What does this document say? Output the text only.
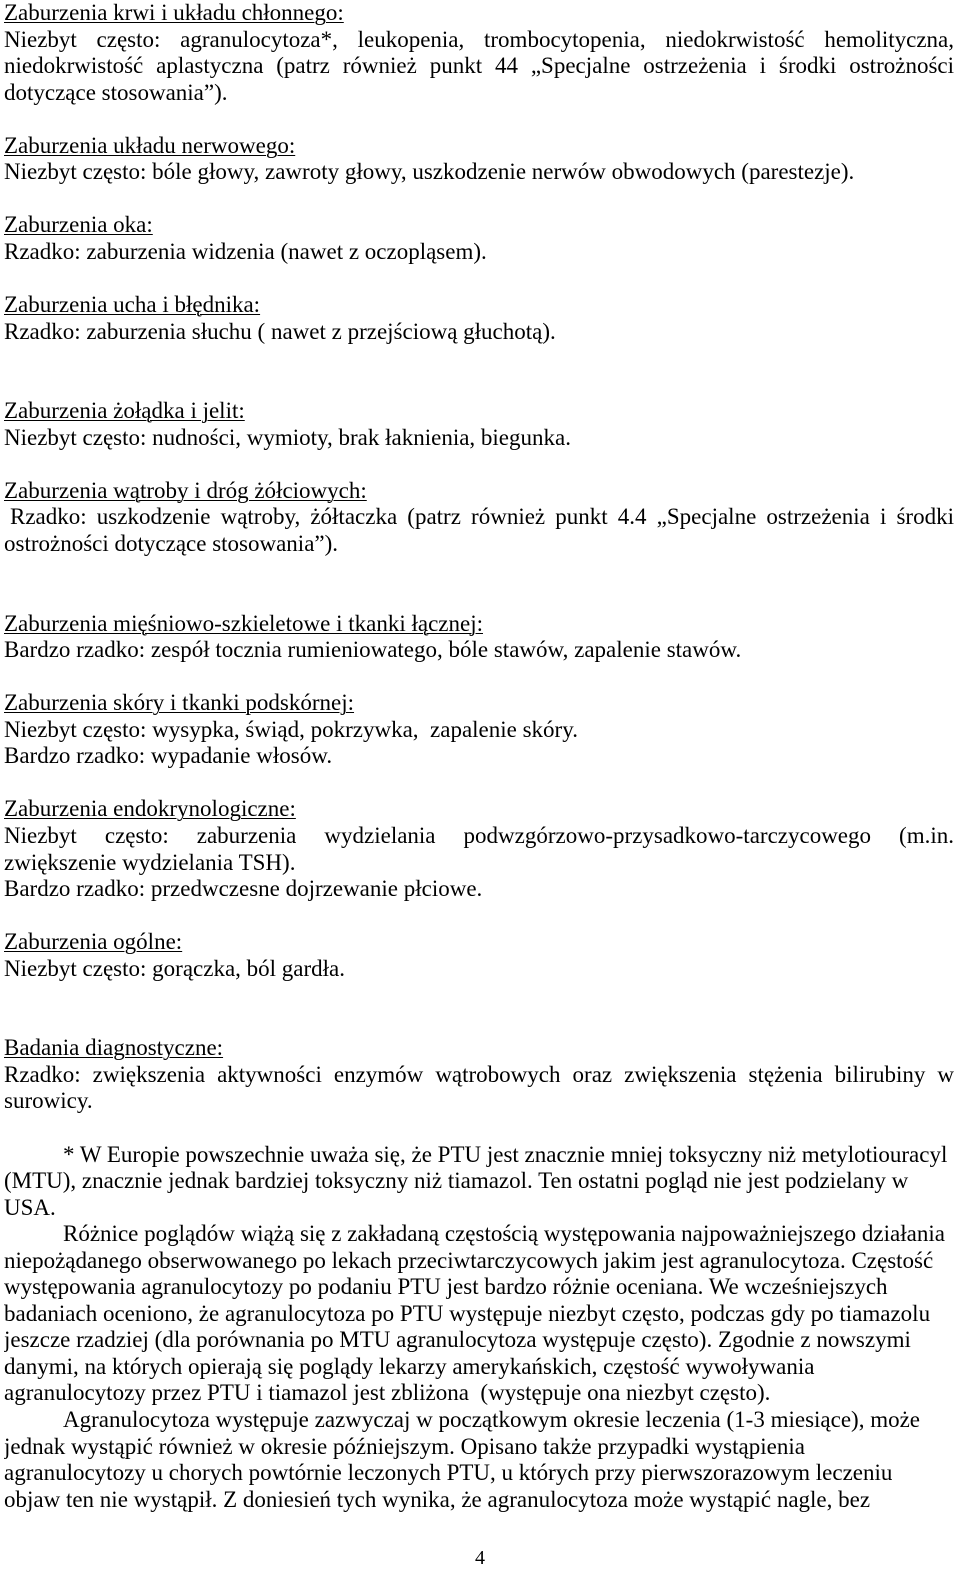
Zaburzenia krwi i układu chłonnego:
Niezbyt często: agranulocytoza*, leukopenia, trombocytopenia, niedokrwistość hemolityczna,
niedokrwistość aplastyczna (patrz również punkt 44 „Specjalne ostrzeżenia i środki ostrożności
dotyczące stosowania”).
Zaburzenia układu nerwowego:
Niezbyt często: bóle głowy, zawroty głowy, uszkodzenie nerwów obwodowych (parestezje).
Zaburzenia oka:
Rzadko: zaburzenia widzenia (nawet z oczopląsem).
Zaburzenia ucha i błędnika:
Rzadko: zaburzenia słuchu ( nawet z przejściową głuchotą).
Zaburzenia żołądka i jelit:
Niezbyt często: nudności, wymioty, brak łaknienia, biegunka.
Zaburzenia wątroby i dróg żółciowych:
Rzadko: uszkodzenie wątroby, żółtaczka (patrz również punkt 4.4 „Specjalne ostrzeżenia i środki
ostrożności dotyczące stosowania”).
Zaburzenia mięśniowo-szkieletowe i tkanki łącznej:
Bardzo rzadko: zespół tocznia rumieniowatego, bóle stawów, zapalenie stawów.
Zaburzenia skóry i tkanki podskórnej:
Niezbyt często: wysypka, świąd, pokrzywka,  zapalenie skóry.
Bardzo rzadko: wypadanie włosów.
Zaburzenia endokrynologiczne:
Niezbyt często: zaburzenia wydzielania podwzgórzowo-przysadkowo-tarczycowego (m.in.
zwiększenie wydzielania TSH).
Bardzo rzadko: przedwczesne dojrzewanie płciowe.
Zaburzenia ogólne:
Niezbyt często: gorączka, ból gardła.
Badania diagnostyczne:
Rzadko: zwiększenia aktywności enzymów wątrobowych oraz zwiększenia stężenia bilirubiny w
surowicy.
* W Europie powszechnie uważa się, że PTU jest znacznie mniej toksyczny niż metylotiouracyl
(MTU), znacznie jednak bardziej toksyczny niż tiamazol. Ten ostatni pogląd nie jest podzielany w
USA.
Różnice poglądów wiążą się z zakładaną częstością występowania najpoważniejszego działania
niepożądanego obserwowanego po lekach przeciwtarczycowych jakim jest agranulocytoza. Częstość
występowania agranulocytozy po podaniu PTU jest bardzo różnie oceniana. We wcześniejszych
badaniach oceniono, że agranulocytoza po PTU występuje niezbyt często, podczas gdy po tiamazolu
jeszcze rzadziej (dla porównania po MTU agranulocytoza występuje często). Zgodnie z nowszymi
danymi, na których opierają się poglądy lekarzy amerykańskich, częstość wywoływania
agranulocytozy przez PTU i tiamazol jest zbliżona  (występuje ona niezbyt często).
Agranulocytoza występuje zazwyczaj w początkowym okresie leczenia (1-3 miesiące), może
jednak wystąpić również w okresie późniejszym. Opisano także przypadki wystąpienia
agranulocytozy u chorych powtórnie leczonych PTU, u których przy pierwszorazowym leczeniu
objaw ten nie wystąpił. Z doniesień tych wynika, że agranulocytoza może wystąpić nagle, bez
4
